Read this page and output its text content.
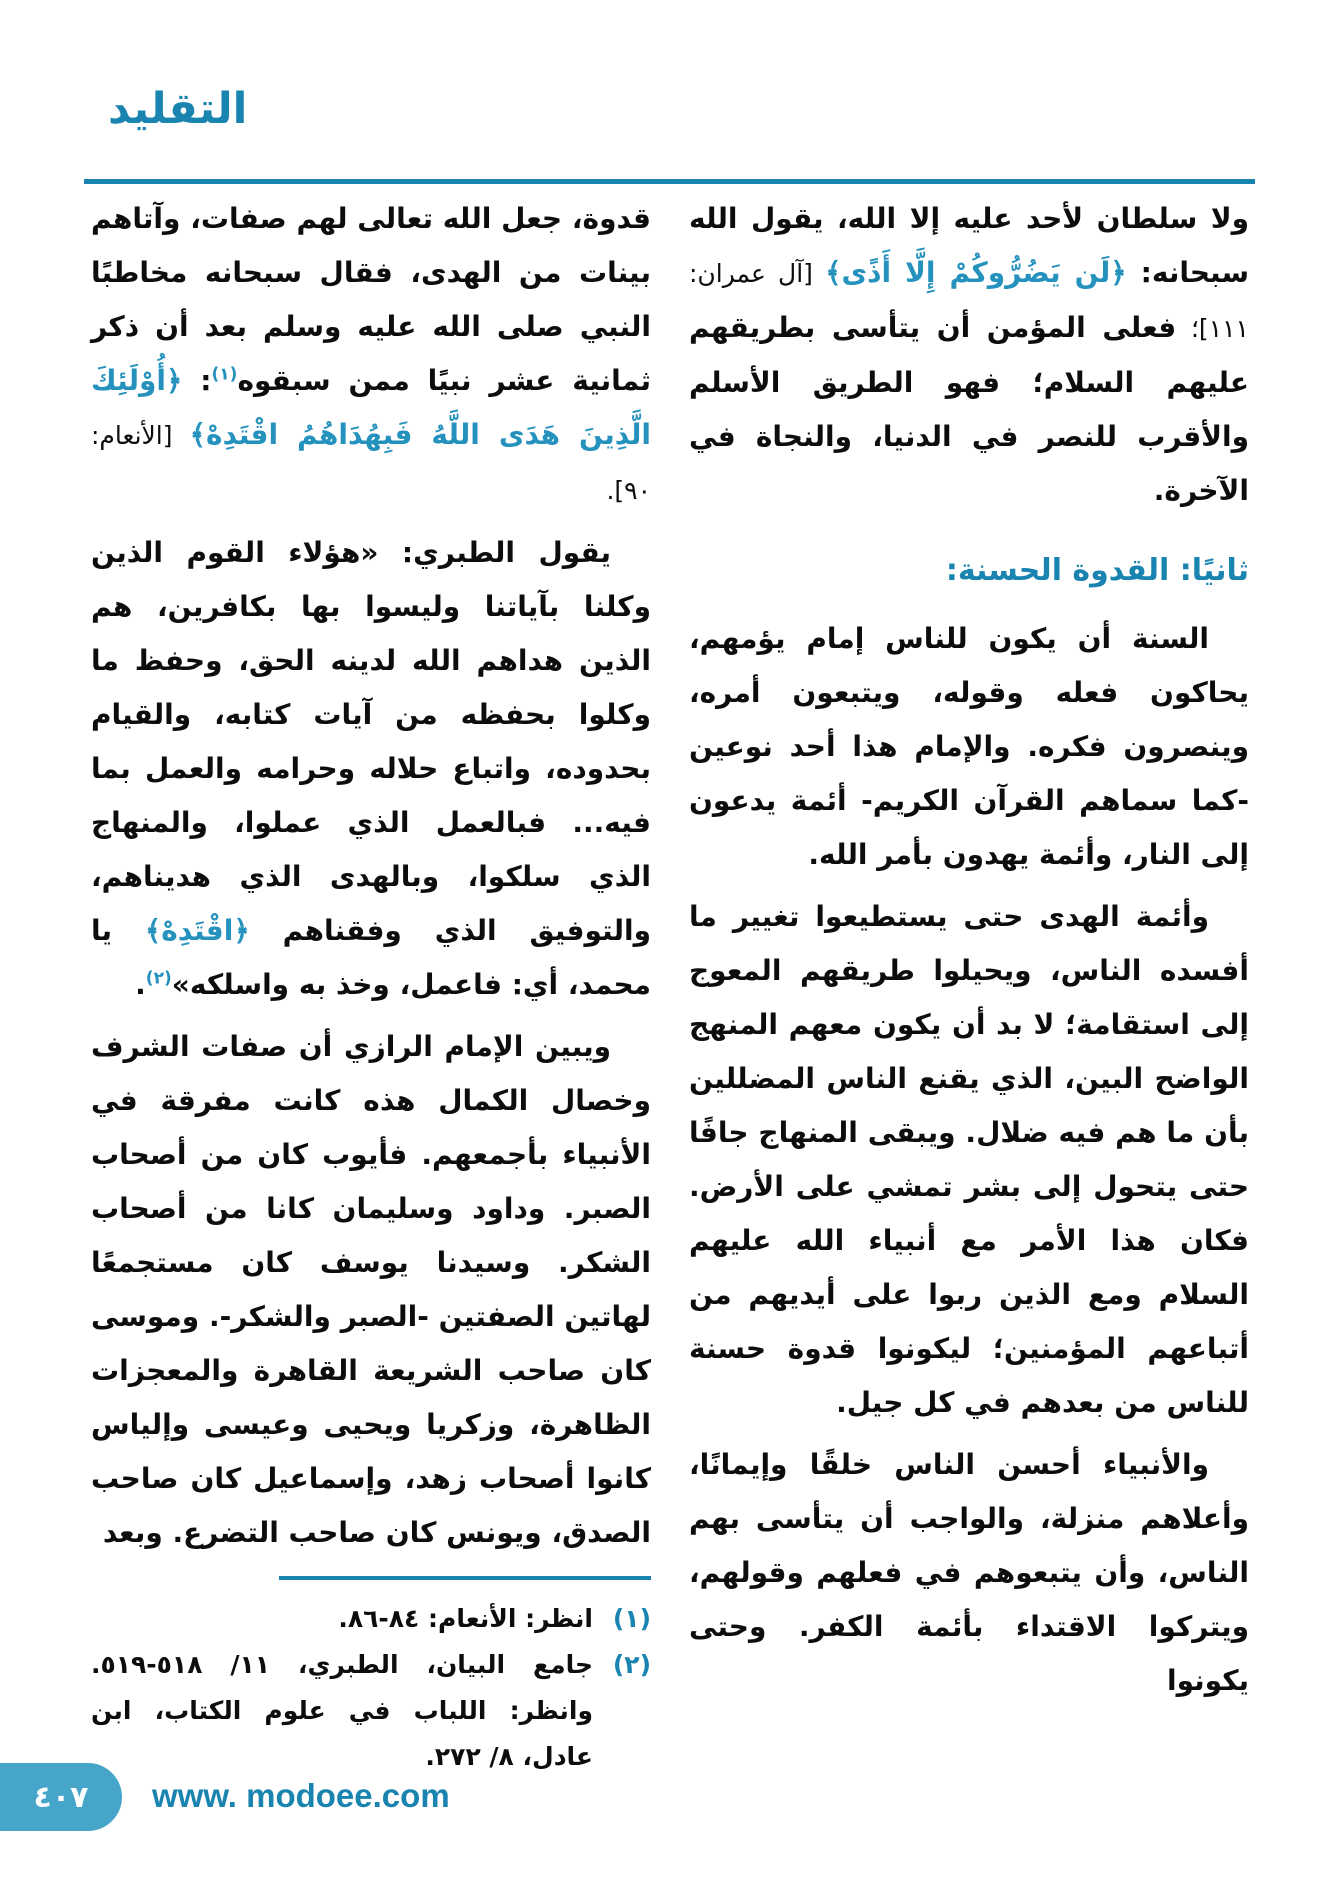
التقليد

ولا سلطان لأحد عليه إلا الله، يقول الله سبحانه: ﴿لَن يَضُرُّوكُمْ إِلَّا أَذًى﴾ [آل عمران: ١١١]؛ فعلى المؤمن أن يتأسى بطريقهم عليهم السلام؛ فهو الطريق الأسلم والأقرب للنصر في الدنيا، والنجاة في الآخرة.

ثانيًا: القدوة الحسنة:

السنة أن يكون للناس إمام يؤمهم، يحاكون فعله وقوله، ويتبعون أمره، وينصرون فكره. والإمام هذا أحد نوعين -كما سماهم القرآن الكريم- أئمة يدعون إلى النار، وأئمة يهدون بأمر الله.

وأئمة الهدى حتى يستطيعوا تغيير ما أفسده الناس، ويحيلوا طريقهم المعوج إلى استقامة؛ لا بد أن يكون معهم المنهج الواضح البين، الذي يقنع الناس المضللين بأن ما هم فيه ضلال. ويبقى المنهاج جافًا حتى يتحول إلى بشر تمشي على الأرض. فكان هذا الأمر مع أنبياء الله عليهم السلام ومع الذين ربوا على أيديهم من أتباعهم المؤمنين؛ ليكونوا قدوة حسنة للناس من بعدهم في كل جيل.

والأنبياء أحسن الناس خلقًا وإيمانًا، وأعلاهم منزلة، والواجب أن يتأسى بهم الناس، وأن يتبعوهم في فعلهم وقولهم، ويتركوا الاقتداء بأئمة الكفر. وحتى يكونوا

قدوة، جعل الله تعالى لهم صفات، وآتاهم بينات من الهدى، فقال سبحانه مخاطبًا النبي صلى الله عليه وسلم بعد أن ذكر ثمانية عشر نبيًا ممن سبقوه$^{(١)}$: ﴿أُوْلَئِكَ الَّذِينَ هَدَى اللَّهُ فَبِهُدَاهُمُ اقْتَدِهْ﴾ [الأنعام: ٩٠].

يقول الطبري: «هؤلاء القوم الذين وكلنا بآياتنا وليسوا بها بكافرين، هم الذين هداهم الله لدينه الحق، وحفظ ما وكلوا بحفظه من آيات كتابه، والقيام بحدوده، واتباع حلاله وحرامه والعمل بما فيه... فبالعمل الذي عملوا، والمنهاج الذي سلكوا، وبالهدى الذي هديناهم، والتوفيق الذي وفقناهم ﴿اقْتَدِهْ﴾ يا محمد، أي: فاعمل، وخذ به واسلكه»$^{(٢)}$.

ويبين الإمام الرازي أن صفات الشرف وخصال الكمال هذه كانت مفرقة في الأنبياء بأجمعهم. فأيوب كان من أصحاب الصبر. وداود وسليمان كانا من أصحاب الشكر. وسيدنا يوسف كان مستجمعًا لهاتين الصفتين -الصبر والشكر-. وموسى كان صاحب الشريعة القاهرة والمعجزات الظاهرة، وزكريا ويحيى وعيسى وإلياس كانوا أصحاب زهد، وإسماعيل كان صاحب الصدق، ويونس كان صاحب التضرع. وبعد

(١)
انظر: الأنعام: ٨٤-٨٦.
(٢)
جامع البيان، الطبري، ١١/ ٥١٨-٥١٩. وانظر: اللباب في علوم الكتاب، ابن عادل، ٨/ ٢٧٢.
٤٠٧ www. modoee.com
